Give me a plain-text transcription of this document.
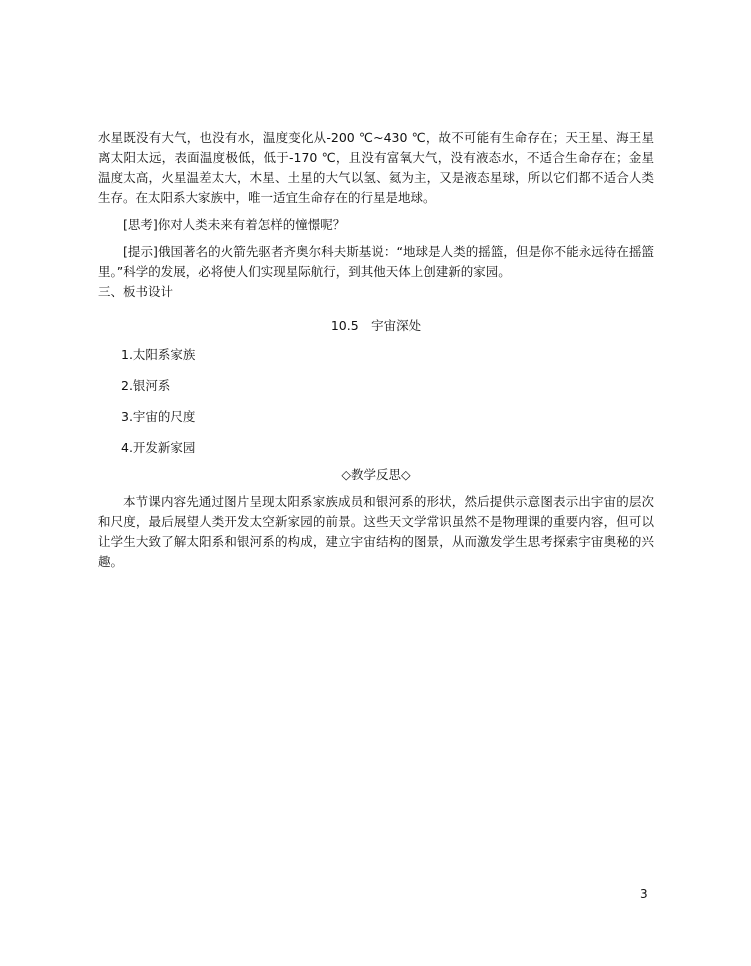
水星既没有大气，也没有水，温度变化从-200 ℃~430 ℃，故不可能有生命存在；天王星、海王星离太阳太远，表面温度极低，低于-170 ℃，且没有富氧大气，没有液态水，不适合生命存在；金星温度太高，火星温差太大，木星、土星的大气以氢、氦为主，又是液态星球，所以它们都不适合人类生存。在太阳系大家族中，唯一适宜生命存在的行星是地球。

[思考]你对人类未来有着怎样的憧憬呢？

[提示]俄国著名的火箭先驱者齐奥尔科夫斯基说：“地球是人类的摇篮，但是你不能永远待在摇篮里。”科学的发展，必将使人们实现星际航行，到其他天体上创建新的家园。

三、板书设计

10.5　宇宙深处
1.太阳系家族
2.银河系
3.宇宙的尺度
4.开发新家园
◇教学反思◇

本节课内容先通过图片呈现太阳系家族成员和银河系的形状，然后提供示意图表示出宇宙的层次和尺度，最后展望人类开发太空新家园的前景。这些天文学常识虽然不是物理课的重要内容，但可以让学生大致了解太阳系和银河系的构成，建立宇宙结构的图景，从而激发学生思考探索宇宙奥秘的兴趣。

3
